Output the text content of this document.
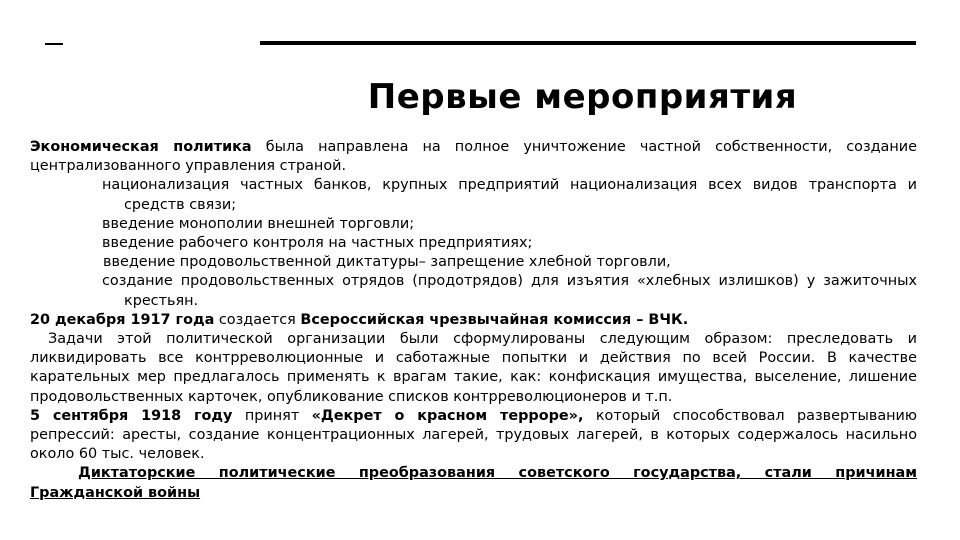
Первые мероприятия

Экономическая политика была направлена на полное уничтожение частной собственности, создание централизованного управления страной.

национализация частных банков, крупных предприятий национализация всех видов транспорта и средств связи;

введение монополии внешней торговли;

введение рабочего контроля на частных предприятиях;

введение продовольственной диктатуры– запрещение хлебной торговли,

создание продовольственных отрядов (продотрядов) для изъятия «хлебных излишков) у зажиточных крестьян.

20 декабря 1917 года создается Всероссийская чрезвычайная комиссия – ВЧК.

Задачи этой политической организации были сформулированы следующим образом: преследовать и ликвидировать все контрреволюционные и саботажные попытки и действия по всей России. В качестве карательных мер предлагалось применять к врагам такие, как: конфискация имущества, выселение, лишение продовольственных карточек, опубликование списков контрреволюционеров и т.п.

5 сентября 1918 году принят «Декрет о красном терроре», который способствовал развертыванию репрессий: аресты, создание концентрационных лагерей, трудовых лагерей, в которых содержалось насильно около 60 тыс. человек.

Диктаторские политические преобразования советского государства, стали причинам Гражданской войны
